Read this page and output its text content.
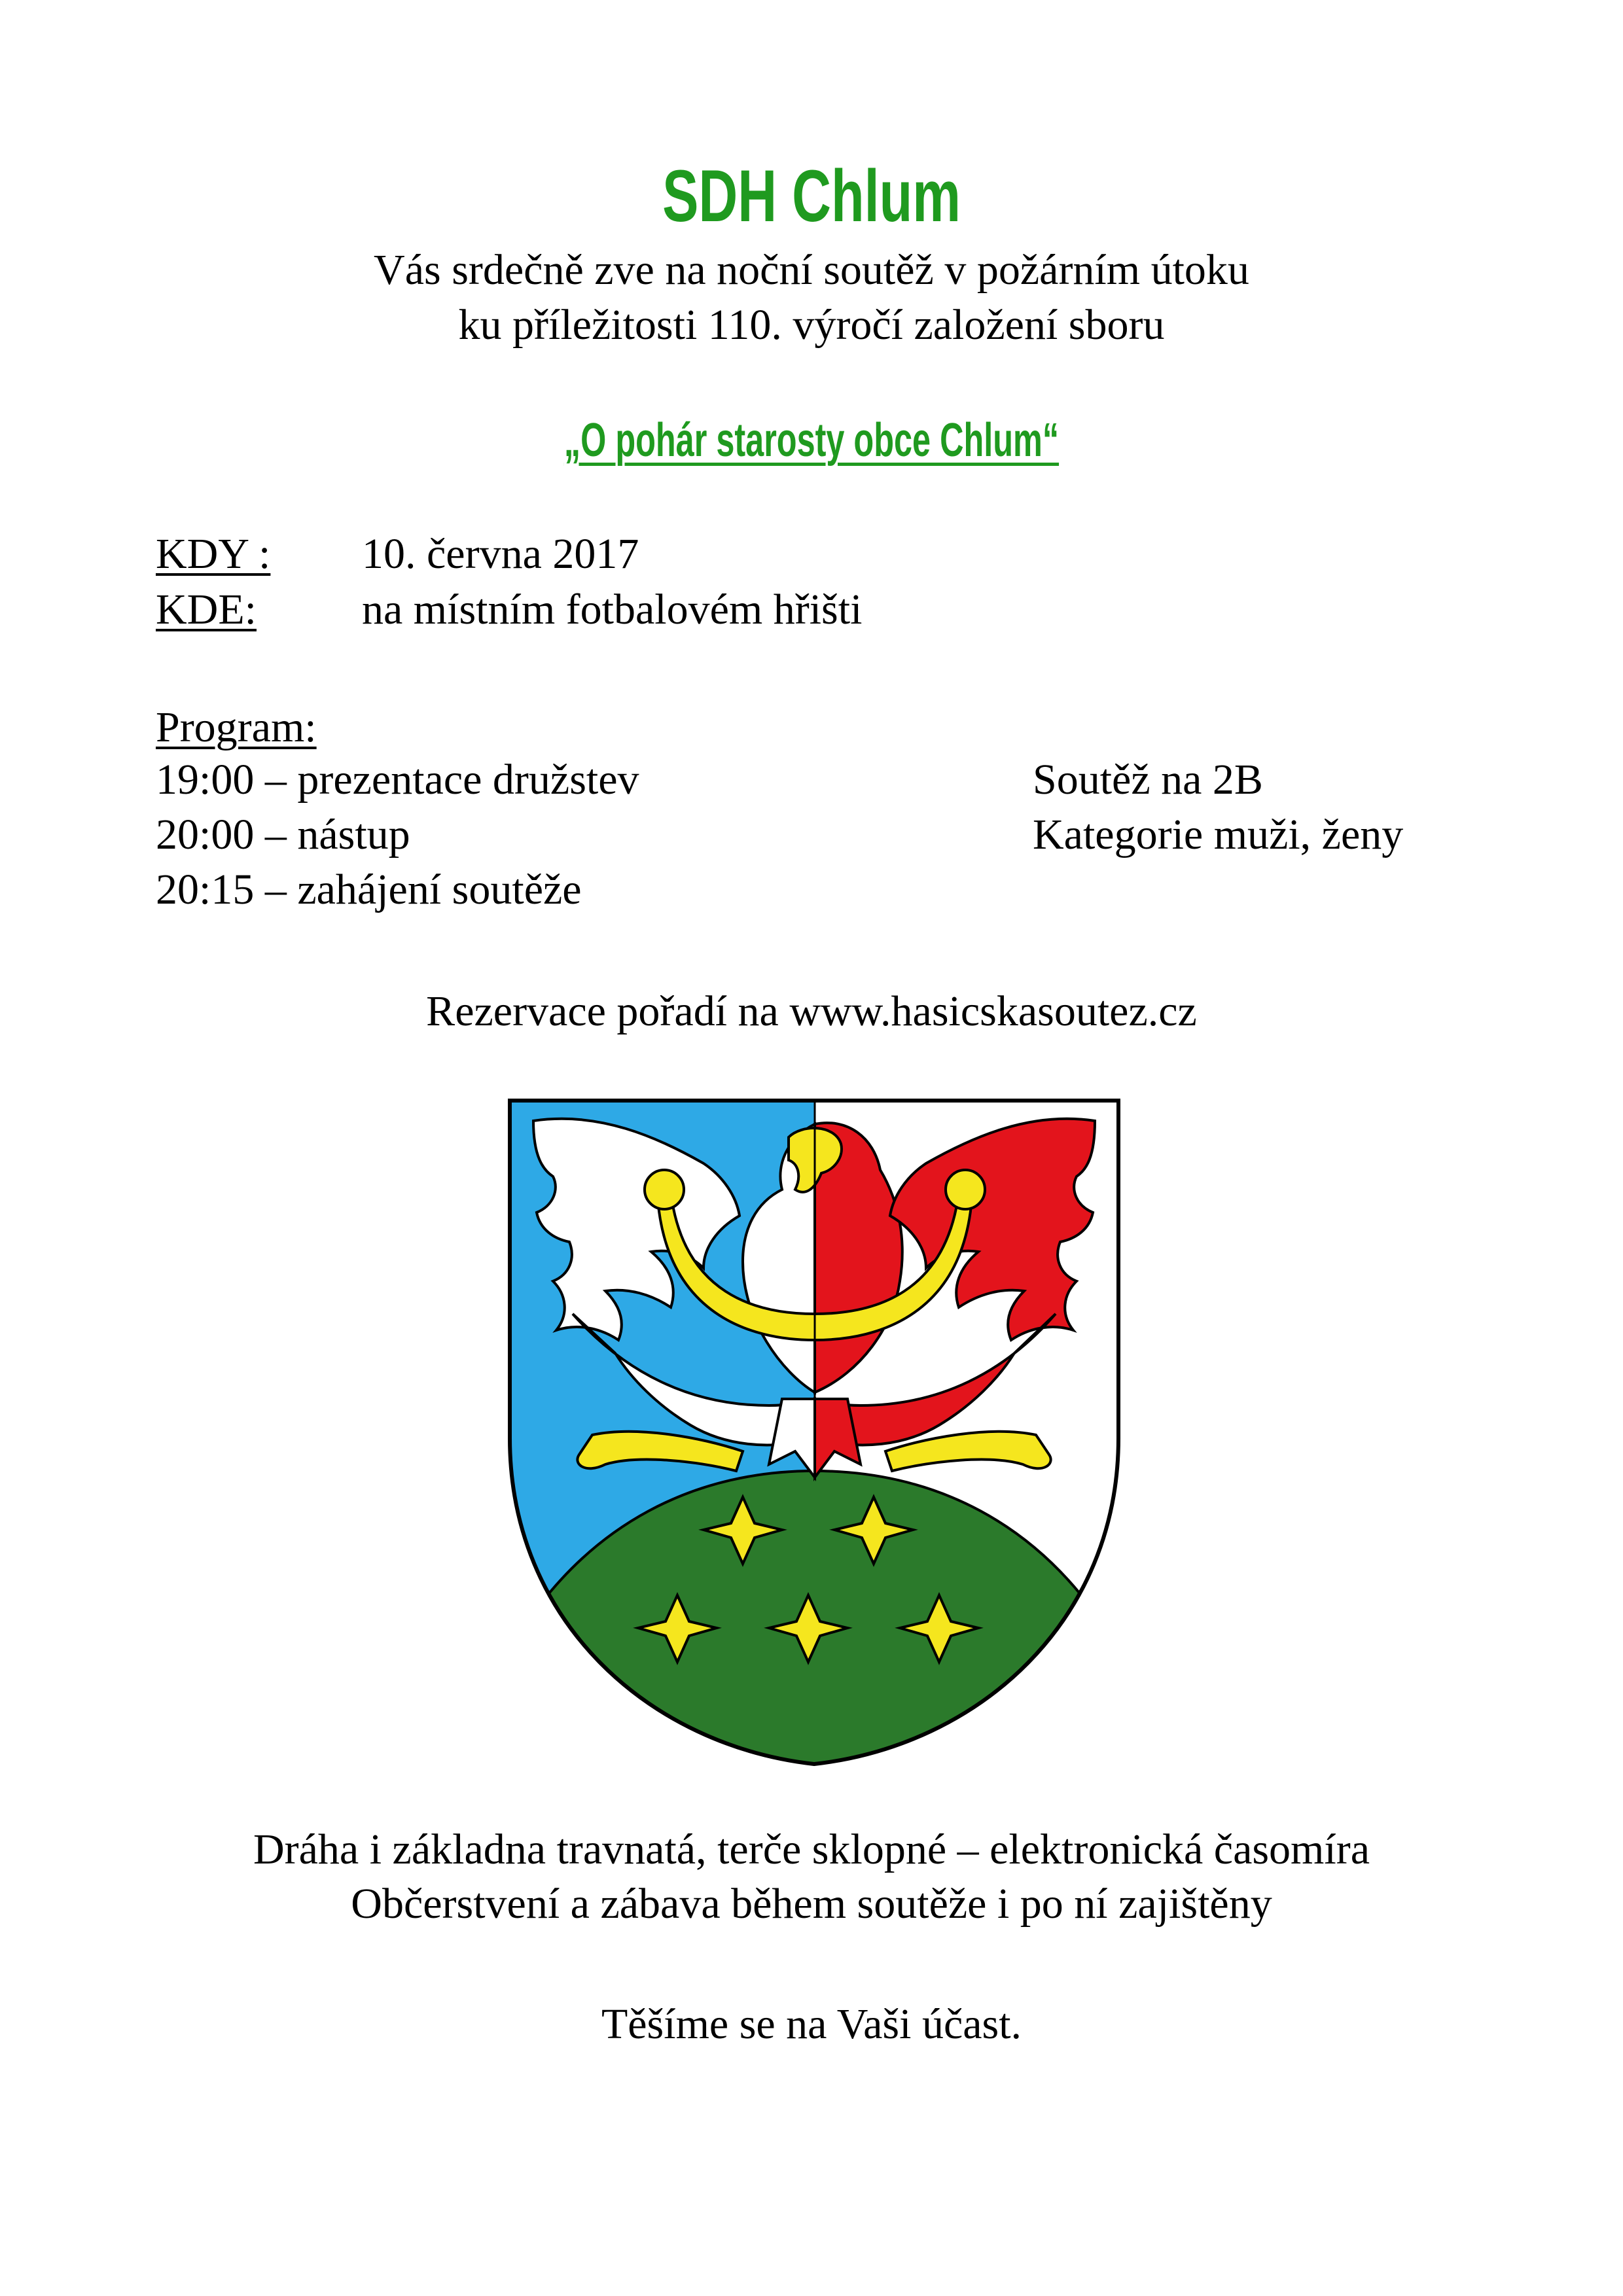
SDH Chlum
Vás srdečně zve na noční soutěž v požárním útoku
ku příležitosti 110. výročí založení sboru
„O pohár starosty obce Chlum“
KDY : 10. června 2017
KDE: na místním fotbalovém hřišti
Program:
19:00 – prezentace družstev
20:00 – nástup
20:15 – zahájení soutěže
Soutěž na 2B
Kategorie muži, ženy
Rezervace pořadí na www.hasicskasoutez.cz
Dráha i základna travnatá, terče sklopné – elektronická časomíra
Občerstvení a zábava během soutěže i po ní zajištěny
Těšíme se na Vaši účast.
